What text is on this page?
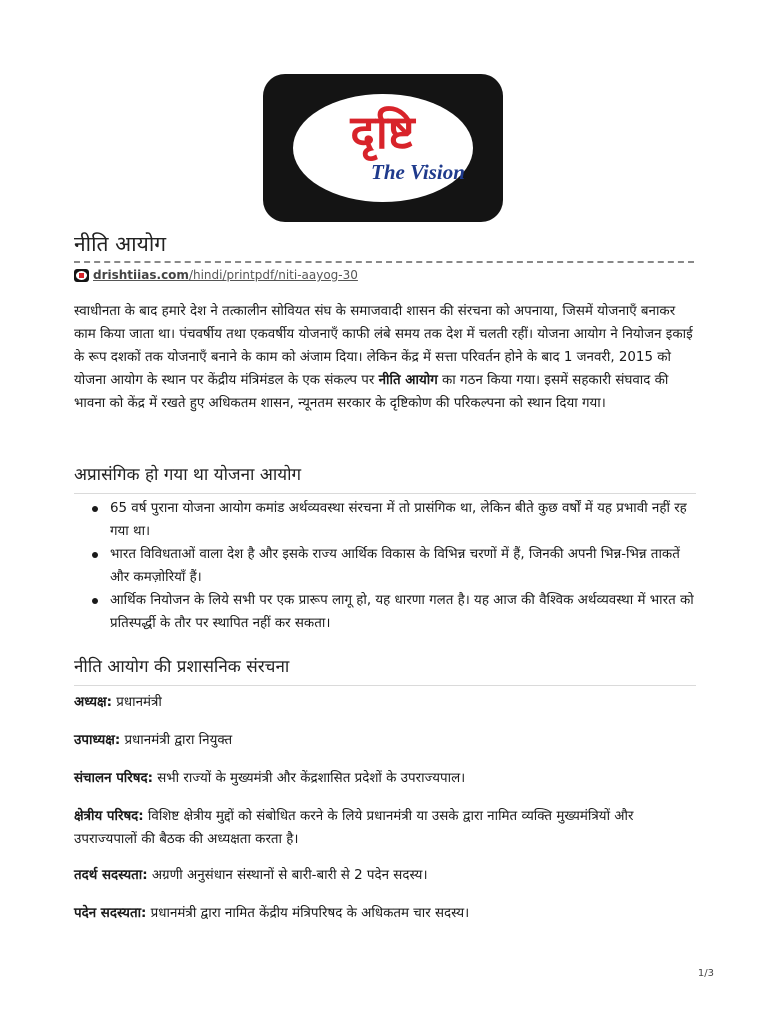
दृष्टि
The Vision
नीति आयोग
drishtiias.com/hindi/printpdf/niti-aayog-30

स्वाधीनता के बाद हमारे देश ने तत्कालीन सोवियत संघ के समाजवादी शासन की संरचना को अपनाया, जिसमें योजनाएँ बनाकर काम किया जाता था। पंचवर्षीय तथा एकवर्षीय योजनाएँ काफी लंबे समय तक देश में चलती रहीं। योजना आयोग ने नियोजन इकाई के रूप दशकों तक योजनाएँ बनाने के काम को अंजाम दिया। लेकिन केंद्र में सत्ता परिवर्तन होने के बाद 1 जनवरी, 2015 को योजना आयोग के स्थान पर केंद्रीय मंत्रिमंडल के एक संकल्प पर नीति आयोग का गठन किया गया। इसमें सहकारी संघवाद की भावना को केंद्र में रखते हुए अधिकतम शासन, न्यूनतम सरकार के दृष्टिकोण की परिकल्पना को स्थान दिया गया।

अप्रासंगिक हो गया था योजना आयोग
65 वर्ष पुराना योजना आयोग कमांड अर्थव्यवस्था संरचना में तो प्रासंगिक था, लेकिन बीते कुछ वर्षों में यह प्रभावी नहीं रह गया था।
भारत विविधताओं वाला देश है और इसके राज्य आर्थिक विकास के विभिन्न चरणों में हैं, जिनकी अपनी भिन्न-भिन्न ताकतें और कमज़ोरियाँ हैं।
आर्थिक नियोजन के लिये सभी पर एक प्रारूप लागू हो, यह धारणा गलत है। यह आज की वैश्विक अर्थव्यवस्था में भारत को प्रतिस्पर्द्धी के तौर पर स्थापित नहीं कर सकता।
नीति आयोग की प्रशासनिक संरचना

अध्यक्ष: प्रधानमंत्री

उपाध्यक्ष: प्रधानमंत्री द्वारा नियुक्त

संचालन परिषद: सभी राज्यों के मुख्यमंत्री और केंद्रशासित प्रदेशों के उपराज्यपाल।

क्षेत्रीय परिषद: विशिष्ट क्षेत्रीय मुद्दों को संबोधित करने के लिये प्रधानमंत्री या उसके द्वारा नामित व्यक्ति मुख्यमंत्रियों और उपराज्यपालों की बैठक की अध्यक्षता करता है।

तदर्थ सदस्यता: अग्रणी अनुसंधान संस्थानों से बारी-बारी से 2 पदेन सदस्य।

पदेन सदस्यता: प्रधानमंत्री द्वारा नामित केंद्रीय मंत्रिपरिषद के अधिकतम चार सदस्य।

1/3
